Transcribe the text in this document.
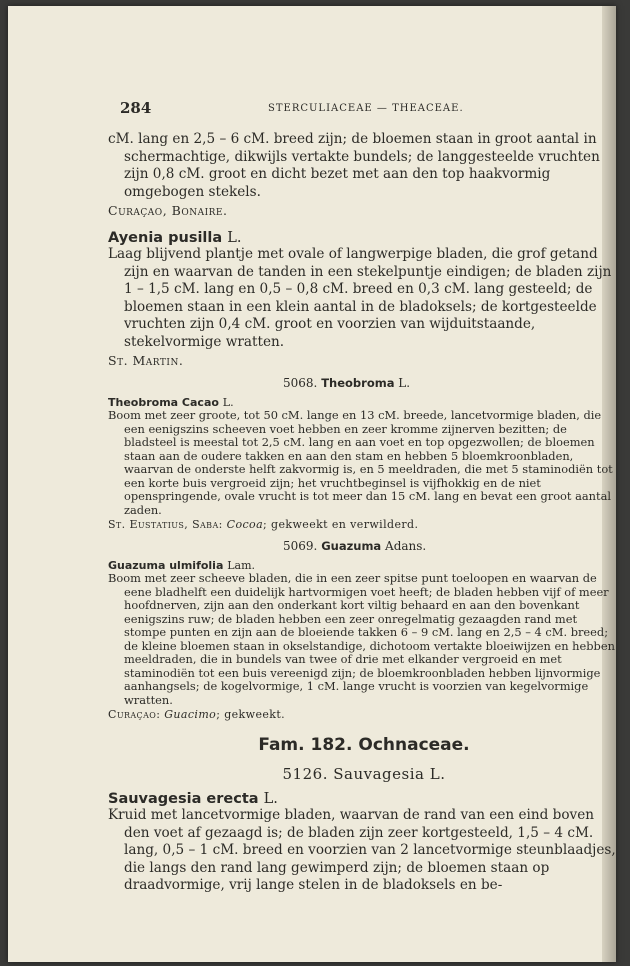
284	STERCULIACEAE — THEACEAE.

cM. lang en 2,5 – 6 cM. breed zijn; de bloemen staan in groot aantal in schermachtige, dikwijls vertakte bundels; de langgesteelde vruchten zijn 0,8 cM. groot en dicht bezet met aan den top haakvormig omgebogen stekels.

Curaçao, Bonaire.

Ayenia pusilla L.

Laag blijvend plantje met ovale of langwerpige bladen, die grof getand zijn en waarvan de tanden in een stekelpuntje eindigen; de bladen zijn 1 – 1,5 cM. lang en 0,5 – 0,8 cM. breed en 0,3 cM. lang gesteeld; de bloemen staan in een klein aantal in de bladoksels; de kortgesteelde vruchten zijn 0,4 cM. groot en voorzien van wijduitstaande, stekelvormige wratten.

St. Martin.

5068. Theobroma L.

Theobroma Cacao L.

Boom met zeer groote, tot 50 cM. lange en 13 cM. breede, lancetvormige bladen, die een eenigszins scheeven voet hebben en zeer kromme zijnerven bezitten; de bladsteel is meestal tot 2,5 cM. lang en aan voet en top opgezwollen; de bloemen staan aan de oudere takken en aan den stam en hebben 5 bloemkroonbladen, waarvan de onderste helft zakvormig is, en 5 meeldraden, die met 5 staminodiën tot een korte buis vergroeid zijn; het vruchtbeginsel is vijfhokkig en de niet openspringende, ovale vrucht is tot meer dan 15 cM. lang en bevat een groot aantal zaden.

St. Eustatius, Saba: Cocoa; gekweekt en verwilderd.

5069. Guazuma Adans.

Guazuma ulmifolia Lam.

Boom met zeer scheeve bladen, die in een zeer spitse punt toeloopen en waarvan de eene bladhelft een duidelijk hartvormigen voet heeft; de bladen hebben vijf of meer hoofdnerven, zijn aan den onderkant kort viltig behaard en aan den bovenkant eenigszins ruw; de bladen hebben een zeer onregelmatig gezaagden rand met stompe punten en zijn aan de bloeiende takken 6 – 9 cM. lang en 2,5 – 4 cM. breed; de kleine bloemen staan in okselstandige, dichotoom vertakte bloeiwijzen en hebben meeldraden, die in bundels van twee of drie met elkander vergroeid en met staminodiën tot een buis vereenigd zijn; de bloemkroonbladen hebben lijnvormige aanhangsels; de kogelvormige, 1 cM. lange vrucht is voorzien van kegelvormige wratten.

Curaçao: Guacimo; gekweekt.

Fam. 182. Ochnaceae.

5126. Sauvagesia L.

Sauvagesia erecta L.

Kruid met lancetvormige bladen, waarvan de rand van een eind boven den voet af gezaagd is; de bladen zijn zeer kortgesteeld, 1,5 – 4 cM. lang, 0,5 – 1 cM. breed en voorzien van 2 lancetvormige steunblaadjes, die langs den rand lang gewimperd zijn; de bloemen staan op draadvormige, vrij lange stelen in de bladoksels en be-
